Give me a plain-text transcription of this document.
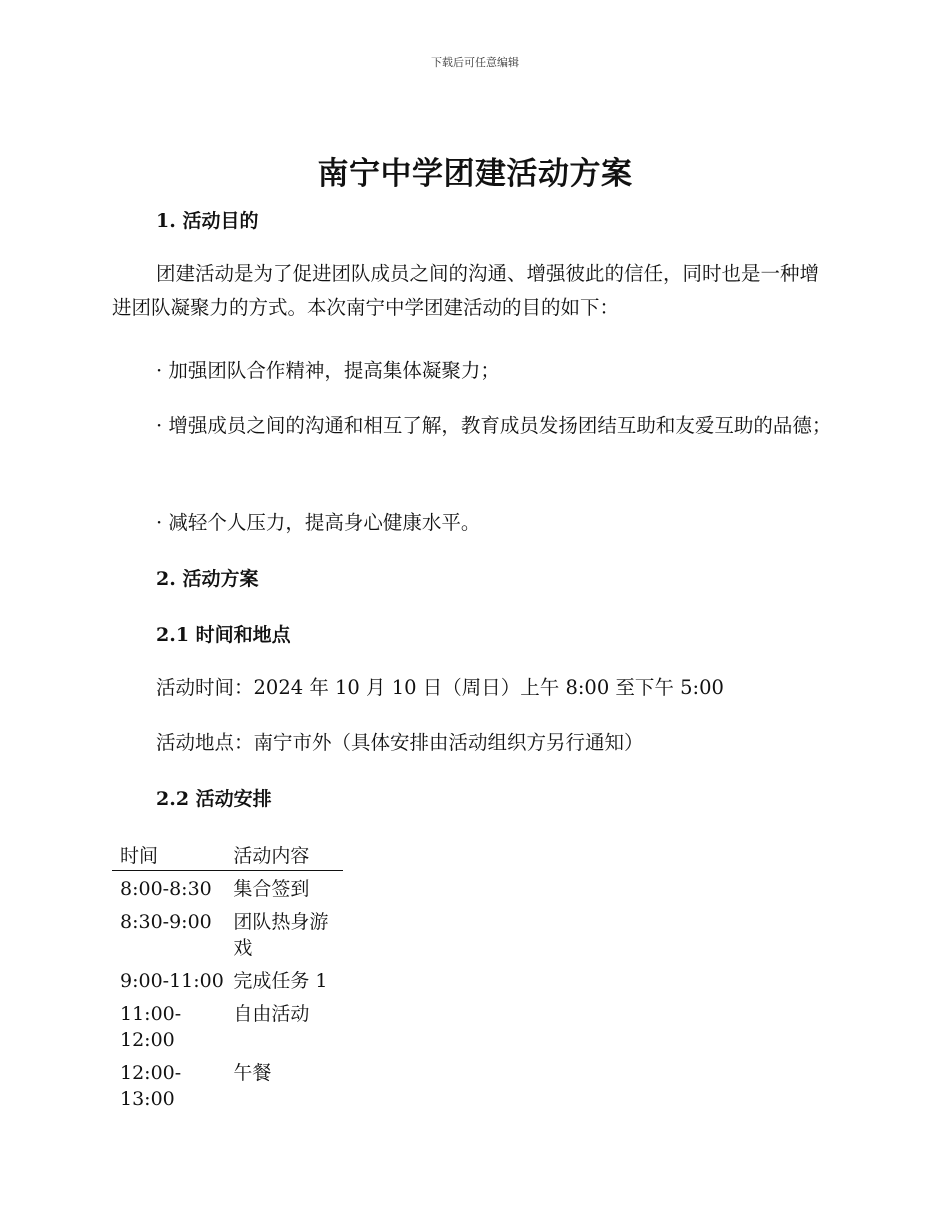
下载后可任意编辑
南宁中学团建活动方案
1. 活动目的

团建活动是为了促进团队成员之间的沟通、增强彼此的信任，同时也是一种增进团队凝聚力的方式。本次南宁中学团建活动的目的如下：

· 加强团队合作精神，提高集体凝聚力；

· 增强成员之间的沟通和相互了解，教育成员发扬团结互助和友爱互助的品德；

· 减轻个人压力，提高身心健康水平。

2. 活动方案
2.1 时间和地点

活动时间：2024 年 10 月 10 日（周日）上午 8:00 至下午 5:00

活动地点：南宁市外（具体安排由活动组织方另行通知）

2.2 活动安排
时间	活动内容
8:00-8:30	集合签到
8:30-9:00	团队热身游戏
9:00-11:00	完成任务 1
11:00-12:00	自由活动
12:00-13:00	午餐
